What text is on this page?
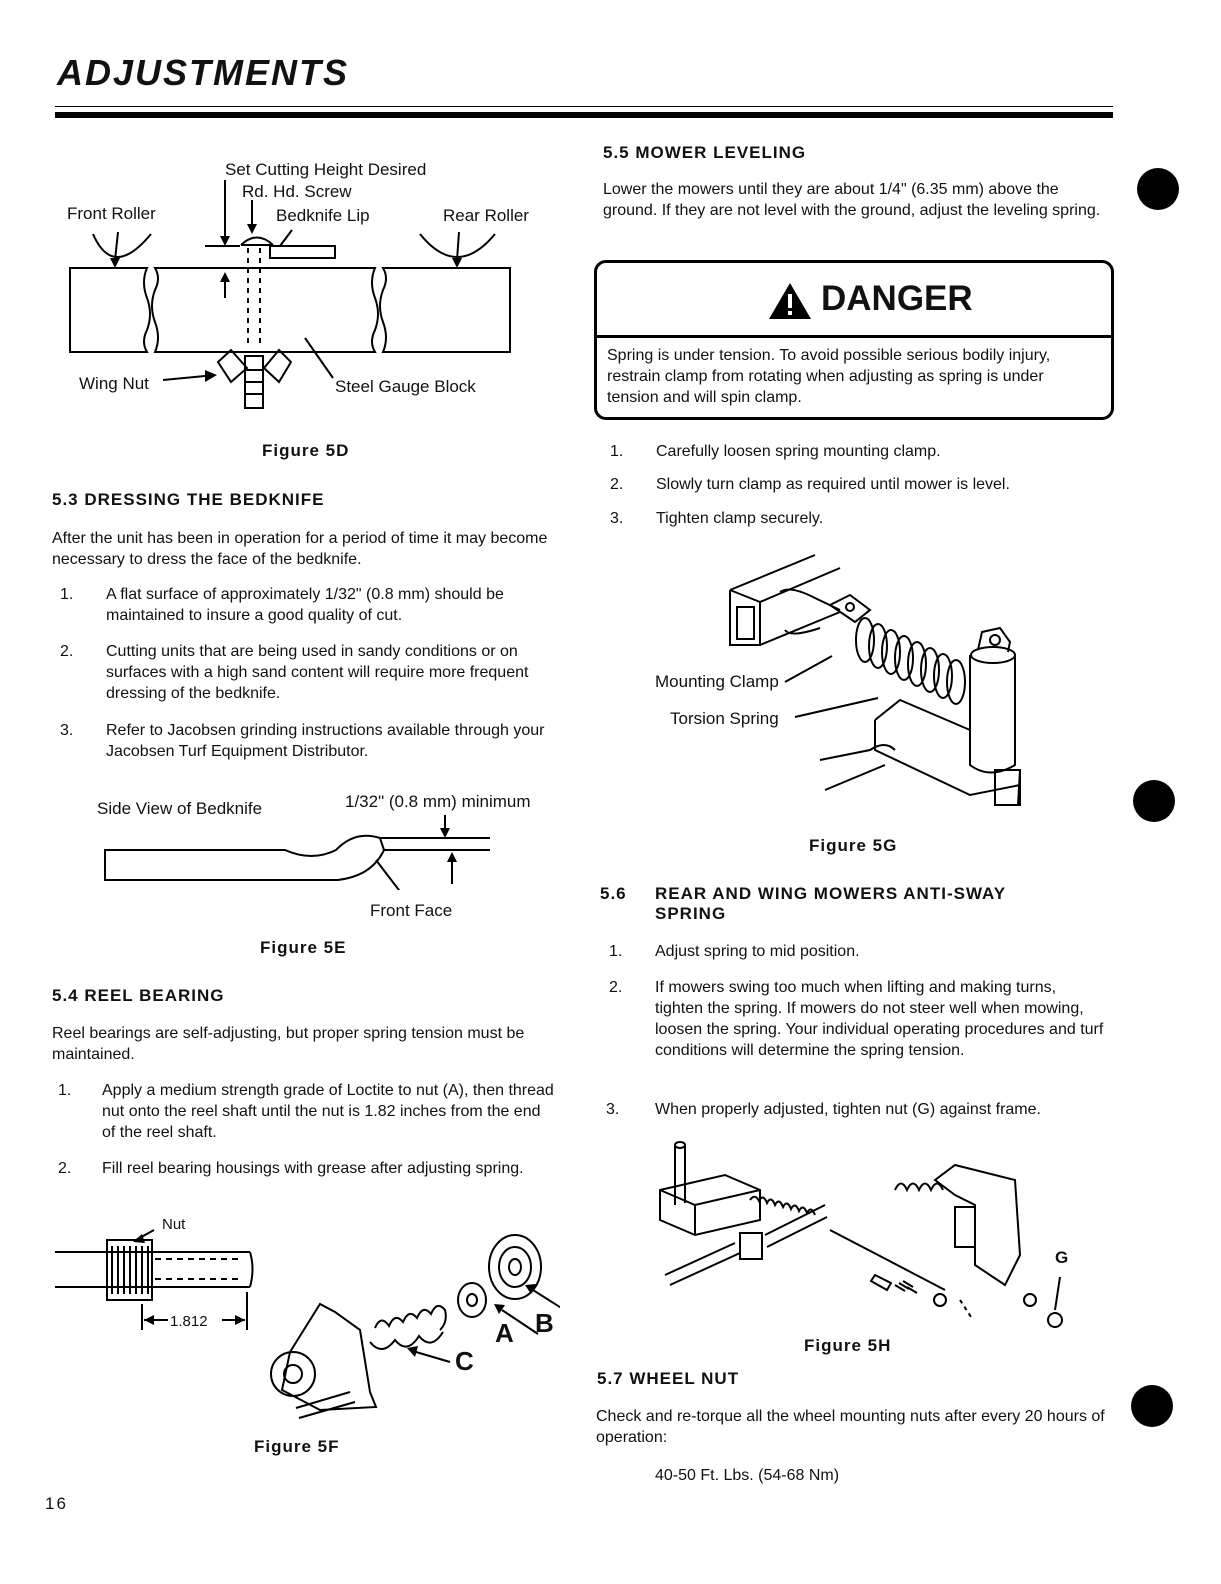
ADJUSTMENTS
Set Cutting Height Desired
Rd. Hd. Screw
Bedknife Lip
Front Roller	Rear Roller
Wing Nut	Steel Gauge Block

Figure 5D

5.3 DRESSING THE BEDKNIFE

After the unit has been in operation for a period of time it may become necessary to dress the face of the bedknife.

1. A flat surface of approximately 1/32" (0.8 mm) should be maintained to insure a good quality of cut.
2. Cutting units that are being used in sandy conditions or on surfaces with a high sand content will require more frequent dressing of the bedknife.
3. Refer to Jacobsen grinding instructions available through your Jacobsen Turf Equipment Distributor.
Side View of Bedknife	1/32" (0.8 mm) minimum
Front Face

Figure 5E

5.4 REEL BEARING

Reel bearings are self-adjusting, but proper spring tension must be maintained.

1. Apply a medium strength grade of Loctite to nut (A), then thread nut onto the reel shaft until the nut is 1.82 inches from the end of the reel shaft.
2. Fill reel bearing housings with grease after adjusting spring.
Nut
1.812	A B
C

Figure 5F

16
5.5 MOWER LEVELING

Lower the mowers until they are about 1/4" (6.35 mm) above the ground. If they are not level with the ground, adjust the leveling spring.

DANGER
Spring is under tension. To avoid possible serious bodily injury, restrain clamp from rotating when adjusting as spring is under tension and will spin clamp.
1. Carefully loosen spring mounting clamp.
2. Slowly turn clamp as required until mower is level.
3. Tighten clamp securely.
Mounting Clamp
Torsion Spring

Figure 5G

5.6 REAR AND WING MOWERS ANTI-SWAY SPRING
1. Adjust spring to mid position.
2. If mowers swing too much when lifting and making turns, tighten the spring. If mowers do not steer well when mowing, loosen the spring. Your individual operating procedures and turf conditions will determine the spring tension.
3. When properly adjusted, tighten nut (G) against frame.
G

Figure 5H

5.7 WHEEL NUT

Check and re-torque all the wheel mounting nuts after every 20 hours of operation:

40-50 Ft. Lbs. (54-68 Nm)
